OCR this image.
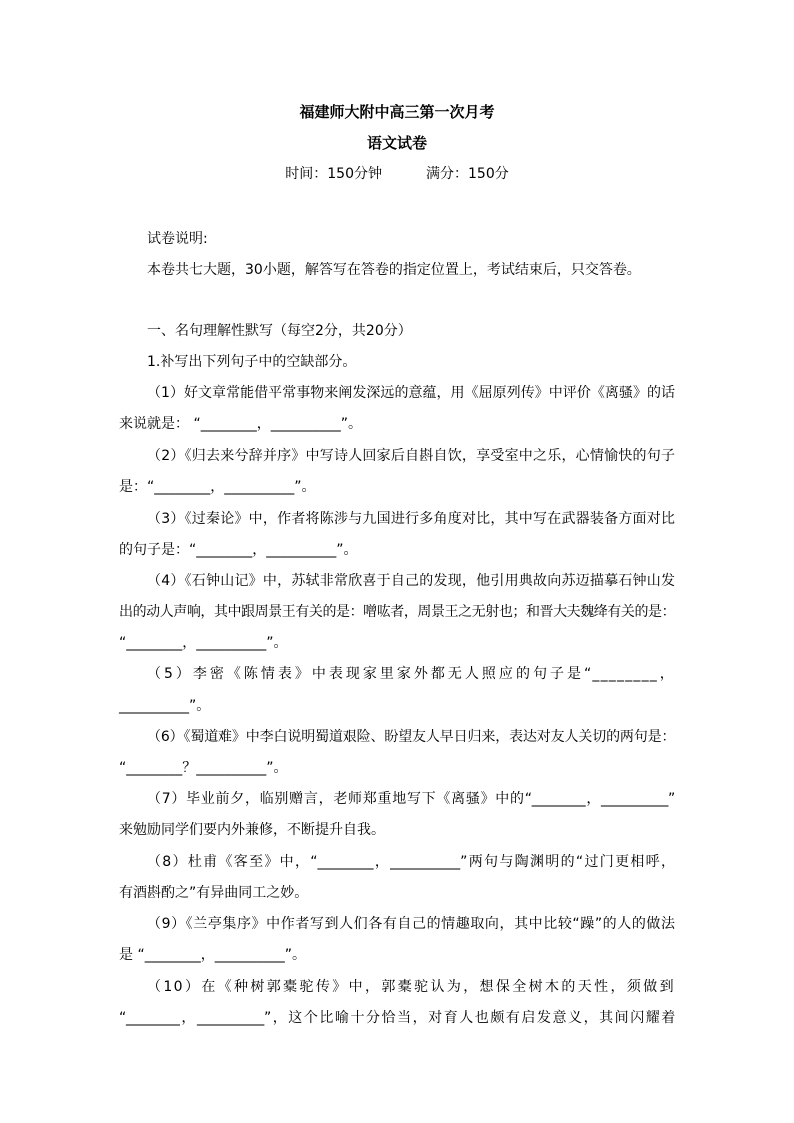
福建师大附中高三第一次月考

语文试卷

时间：150分钟	满分：150分
试卷说明:
本卷共七大题，30小题，解答写在答卷的指定位置上，考试结束后，只交答卷。
一、名句理解性默写（每空2分，共20分）
1.补写出下列句子中的空缺部分。
（1）好文章常能借平常事物来阐发深远的意蕴，用《屈原列传》中评价《离骚》的话
来说就是： “________，__________”。
（2）《归去来兮辞并序》中写诗人回家后自斟自饮，享受室中之乐，心情愉快的句子
是：“________，__________”。
（3）《过秦论》中，作者将陈涉与九国进行多角度对比，其中写在武器装备方面对比
的句子是：“________，__________”。
（4）《石钟山记》中，苏轼非常欣喜于自己的发现，他引用典故向苏迈描摹石钟山发
出的动人声响，其中跟周景王有关的是：噌吰者，周景王之无射也；和晋大夫魏绛有关的是：
“________，__________”。
（5）李密《陈情表》中表现家里家外都无人照应的句子是“________，
__________”。
（6）《蜀道难》中李白说明蜀道艰险、盼望友人早日归来，表达对友人关切的两句是：
“________？__________”。
（7）毕业前夕，临别赠言，老师郑重地写下《离骚》中的“________，__________”
来勉励同学们要内外兼修，不断提升自我。
（8）杜甫《客至》中，“________，__________”两句与陶渊明的“过门更相呼，
有酒斟酌之”有异曲同工之妙。
（9）《兰亭集序》中作者写到人们各有自己的情趣取向，其中比较“躁”的人的做法
是 “________，__________”。
（10）在《种树郭橐驼传》中，郭橐驼认为，想保全树木的天性，须做到
“________，__________”，这个比喻十分恰当，对育人也颇有启发意义，其间闪耀着
